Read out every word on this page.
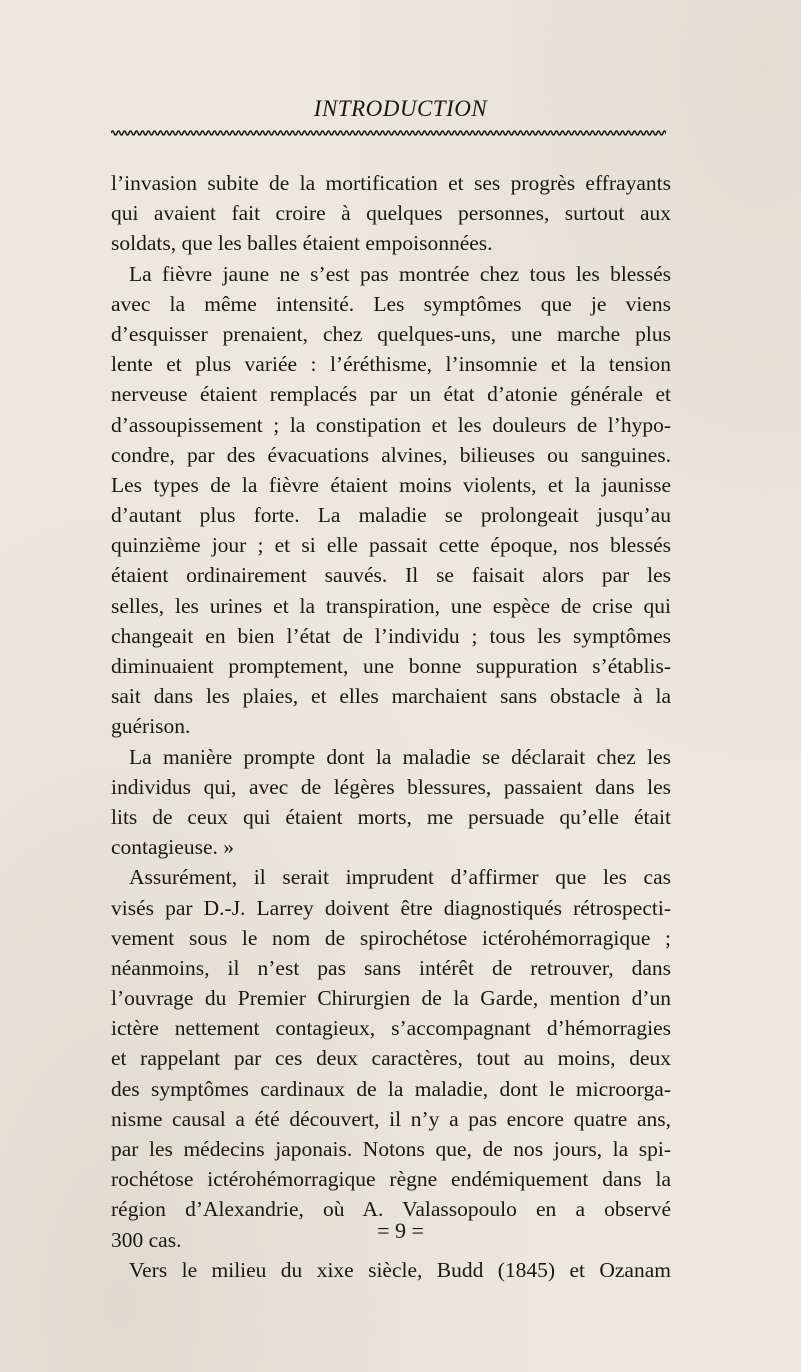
INTRODUCTION
l’invasion subite de la mortification et ses progrès effrayants
qui avaient fait croire à quelques personnes, surtout aux
soldats, que les balles étaient empoisonnées.
La fièvre jaune ne s’est pas montrée chez tous les blessés
avec la même intensité. Les symptômes que je viens
d’esquisser prenaient, chez quelques-uns, une marche plus
lente et plus variée : l’éréthisme, l’insomnie et la tension
nerveuse étaient remplacés par un état d’atonie générale et
d’assoupissement ; la constipation et les douleurs de l’hypo-
condre, par des évacuations alvines, bilieuses ou sanguines.
Les types de la fièvre étaient moins violents, et la jaunisse
d’autant plus forte. La maladie se prolongeait jusqu’au
quinzième jour ; et si elle passait cette époque, nos blessés
étaient ordinairement sauvés. Il se faisait alors par les
selles, les urines et la transpiration, une espèce de crise qui
changeait en bien l’état de l’individu ; tous les symptômes
diminuaient promptement, une bonne suppuration s’établis-
sait dans les plaies, et elles marchaient sans obstacle à la
guérison.
La manière prompte dont la maladie se déclarait chez les
individus qui, avec de légères blessures, passaient dans les
lits de ceux qui étaient morts, me persuade qu’elle était
contagieuse. »
Assurément, il serait imprudent d’affirmer que les cas
visés par D.-J. Larrey doivent être diagnostiqués rétrospecti-
vement sous le nom de spirochétose ictérohémorragique ;
néanmoins, il n’est pas sans intérêt de retrouver, dans
l’ouvrage du Premier Chirurgien de la Garde, mention d’un
ictère nettement contagieux, s’accompagnant d’hémorragies
et rappelant par ces deux caractères, tout au moins, deux
des symptômes cardinaux de la maladie, dont le microorga-
nisme causal a été découvert, il n’y a pas encore quatre ans,
par les médecins japonais. Notons que, de nos jours, la spi-
rochétose ictérohémorragique règne endémiquement dans la
région d’Alexandrie, où A. Valassopoulo en a observé
300 cas.
Vers le milieu du xixe siècle, Budd (1845) et Ozanam
= 9 =
